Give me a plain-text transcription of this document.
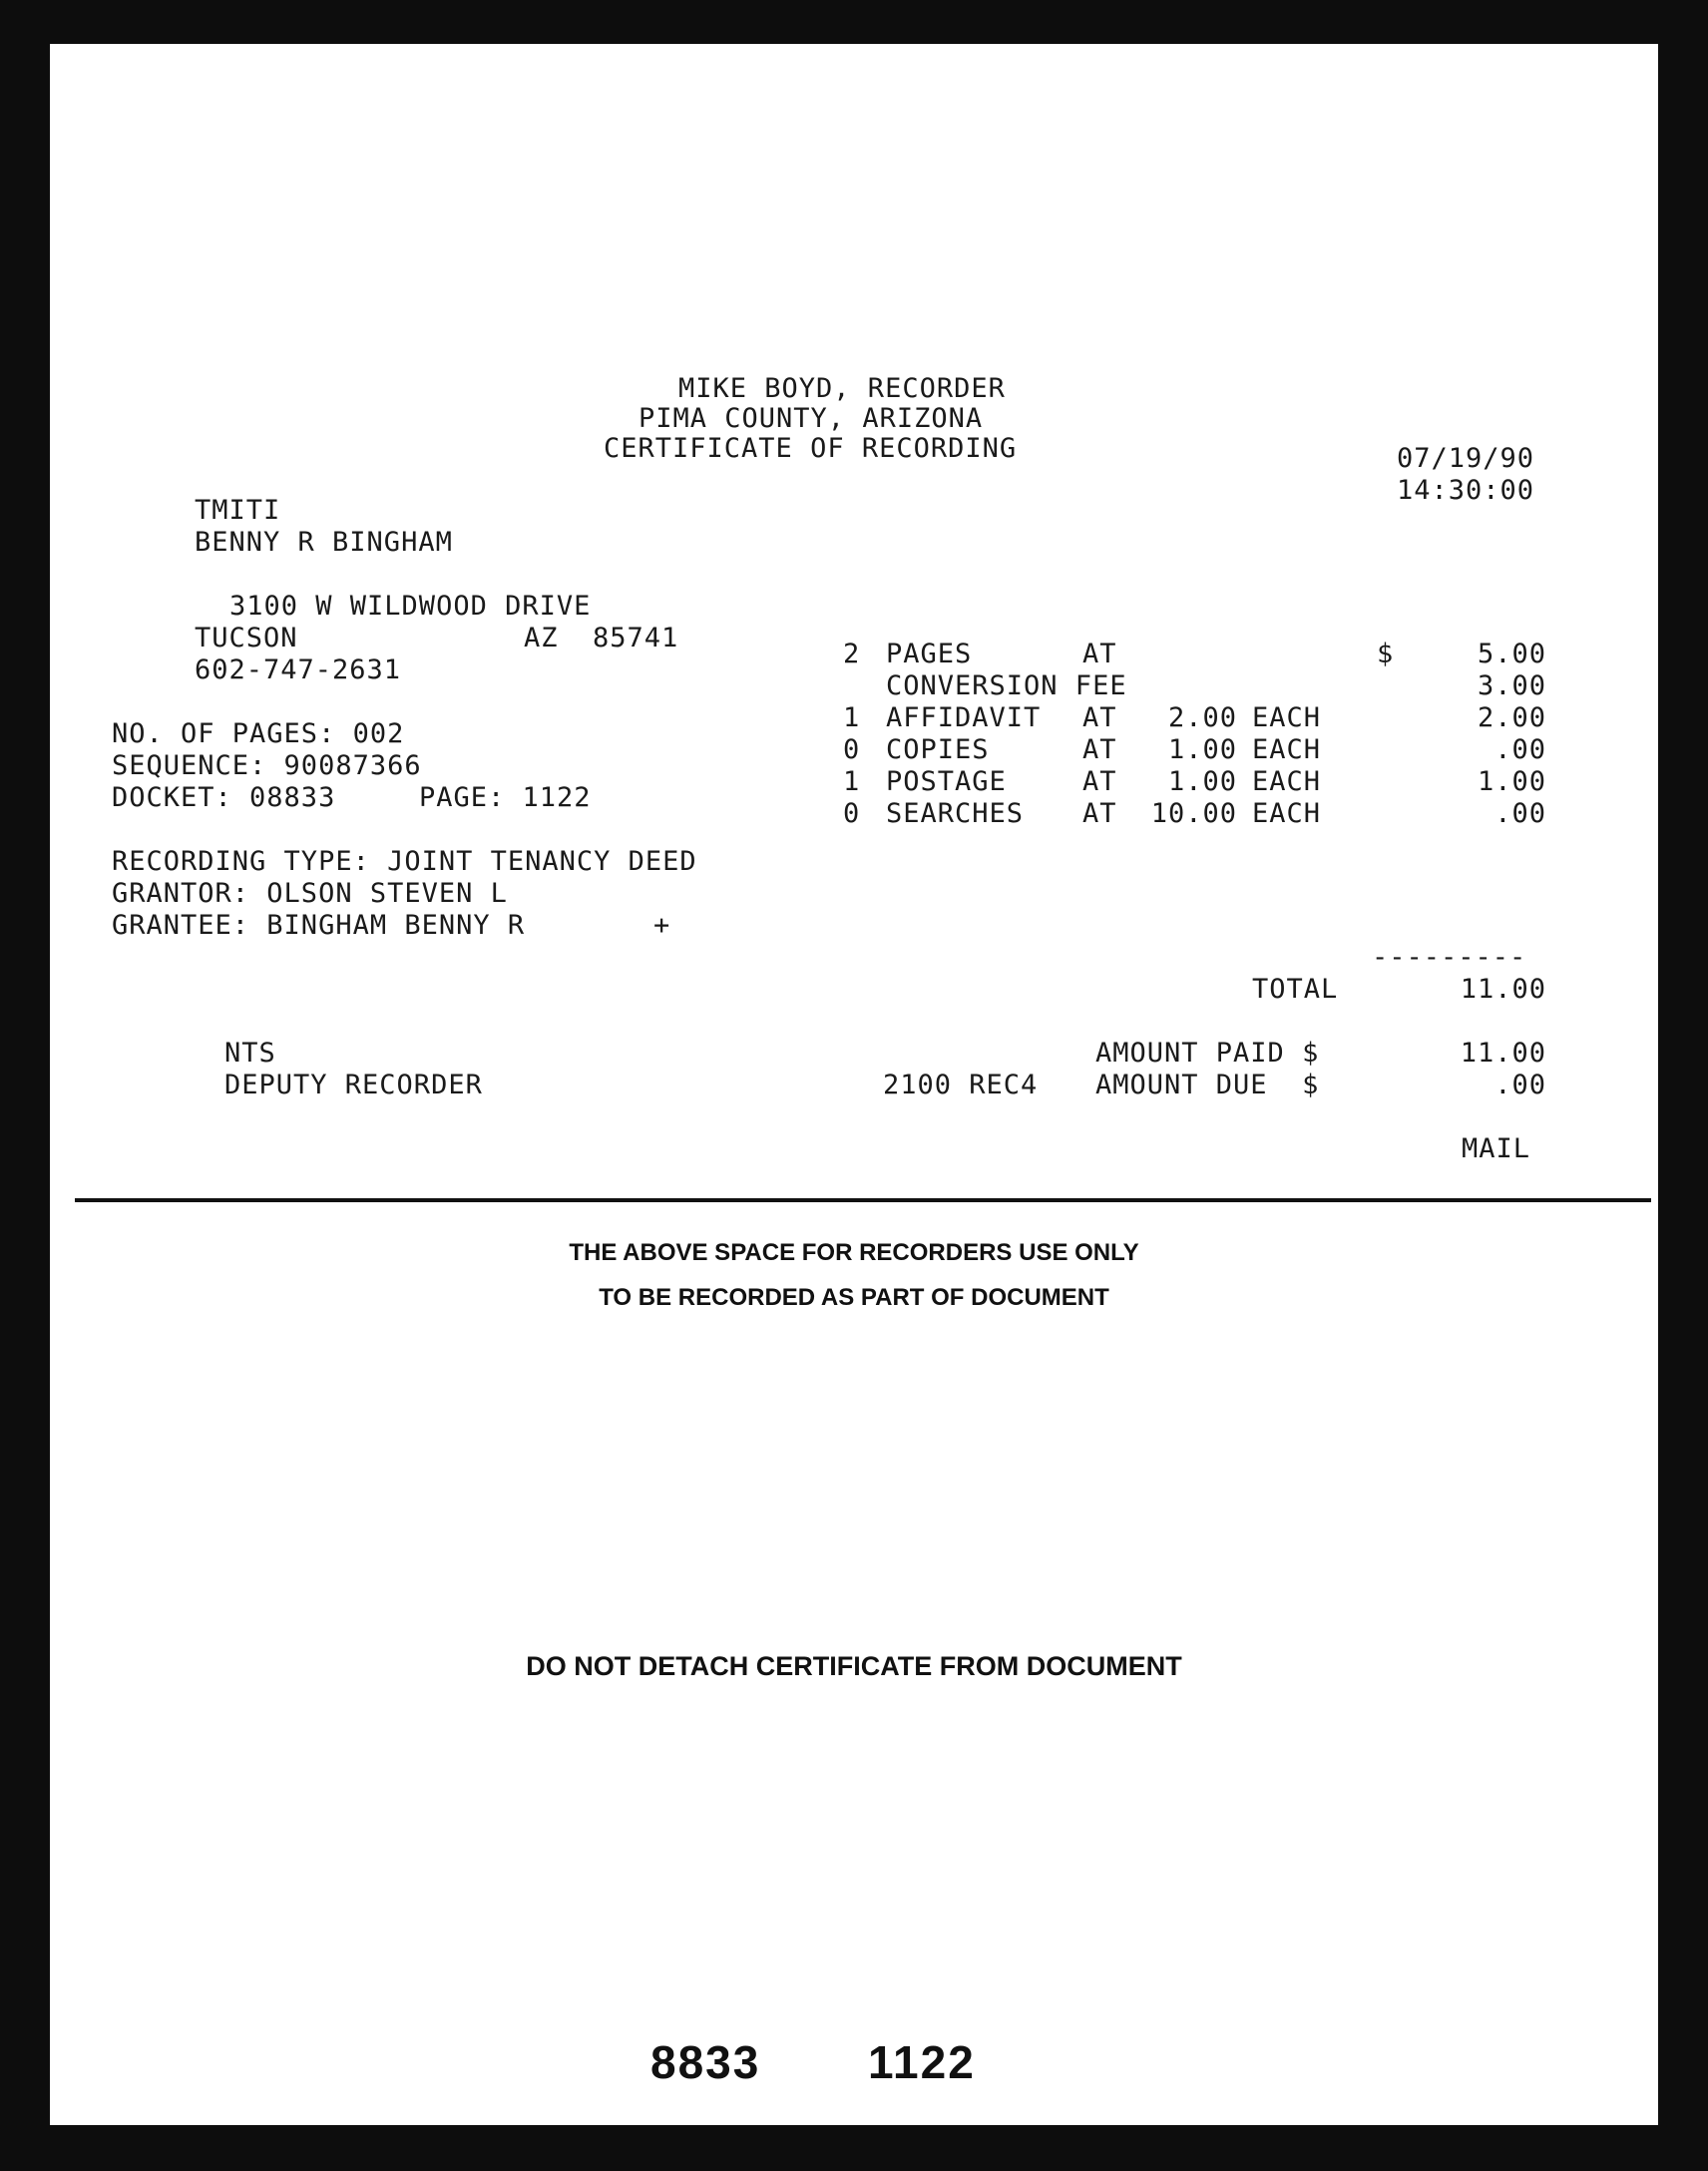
MIKE BOYD, RECORDER
PIMA COUNTY, ARIZONA
CERTIFICATE OF RECORDING	07/19/90
14:30:00
TMITI
BENNY R BINGHAM
3100 W WILDWOOD DRIVE
TUCSON	AZ  85741
602-747-2631
NO. OF PAGES: 002
SEQUENCE: 90087366
DOCKET: 08833	PAGE: 1122
RECORDING TYPE: JOINT TENANCY DEED
GRANTOR: OLSON STEVEN L
GRANTEE: BINGHAM BENNY R	+
$
2 PAGES	AT	5.00
CONVERSION FEE	3.00
1 AFFIDAVIT AT	2.00 EACH	2.00
0 COPIES	AT	1.00 EACH	.00
1 POSTAGE	AT	1.00 EACH	1.00
0 SEARCHES AT	10.00 EACH	.00
---------
TOTAL	11.00
AMOUNT PAID $	11.00
2100 REC4 AMOUNT DUE  $	.00
MAIL
NTS
DEPUTY RECORDER
THE ABOVE SPACE FOR RECORDERS USE ONLY
TO BE RECORDED AS PART OF DOCUMENT
DO NOT DETACH CERTIFICATE FROM DOCUMENT
8833 1122
